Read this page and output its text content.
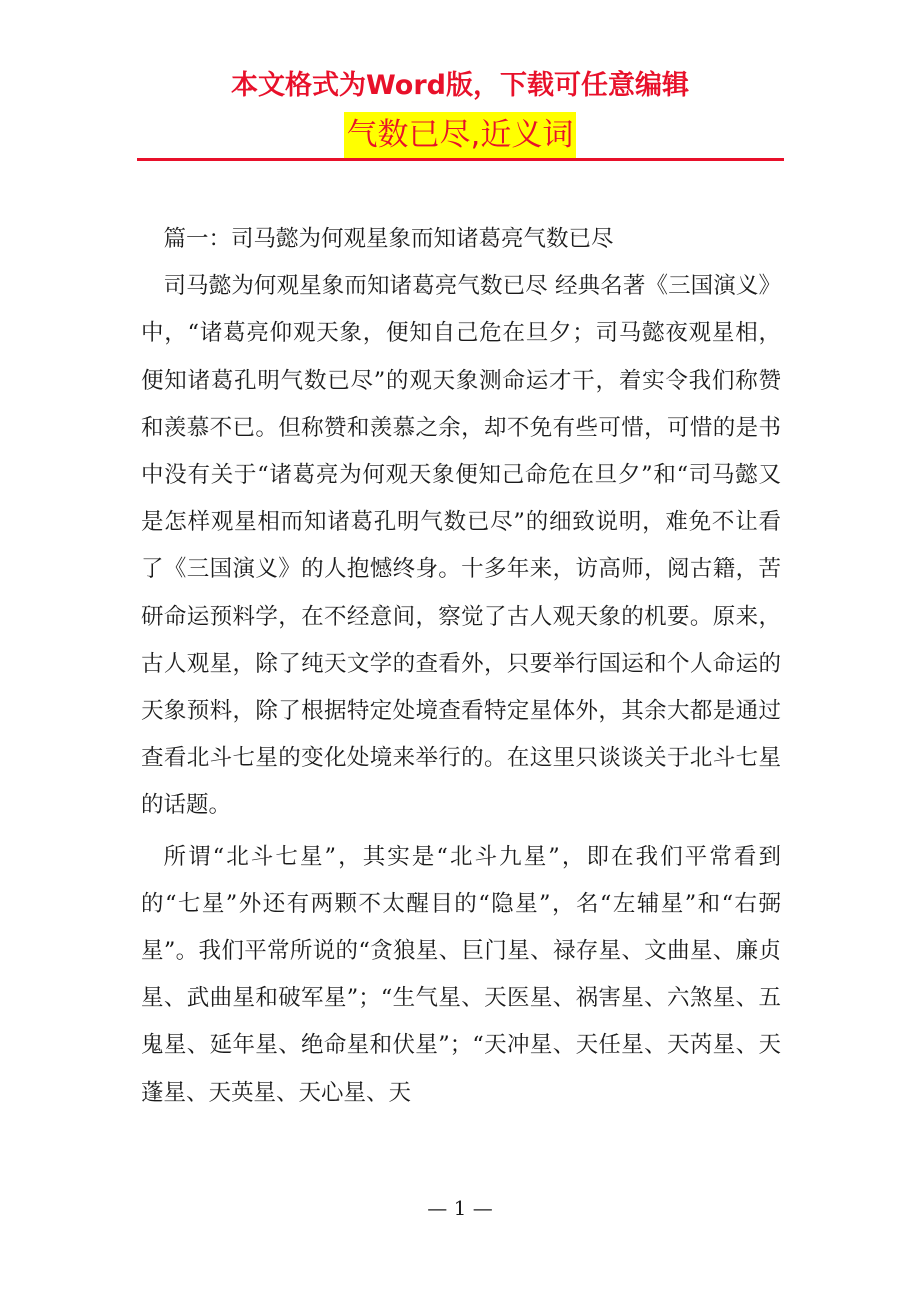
本文格式为Word版，下载可任意编辑
气数已尽,近义词

篇一：司马懿为何观星象而知诸葛亮气数已尽

司马懿为何观星象而知诸葛亮气数已尽 经典名著《三国演义》中，“诸葛亮仰观天象，便知自己危在旦夕；司马懿夜观星相，便知诸葛孔明气数已尽”的观天象测命运才干，着实令我们称赞和羡慕不已。但称赞和羡慕之余，却不免有些可惜，可惜的是书中没有关于“诸葛亮为何观天象便知己命危在旦夕”和“司马懿又是怎样观星相而知诸葛孔明气数已尽”的细致说明，难免不让看了《三国演义》的人抱憾终身。十多年来，访高师，阅古籍，苦研命运预料学，在不经意间，察觉了古人观天象的机要。原来，古人观星，除了纯天文学的查看外，只要举行国运和个人命运的天象预料，除了根据特定处境查看特定星体外，其余大都是通过查看北斗七星的变化处境来举行的。在这里只谈谈关于北斗七星的话题。

所谓“北斗七星”，其实是“北斗九星”，即在我们平常看到的“七星”外还有两颗不太醒目的“隐星”，名“左辅星”和“右弼星”。我们平常所说的“贪狼星、巨门星、禄存星、文曲星、廉贞星、武曲星和破军星”；“生气星、天医星、祸害星、六煞星、五鬼星、延年星、绝命星和伏星”；“天冲星、天任星、天芮星、天蓬星、天英星、天心星、天

— 1 —
